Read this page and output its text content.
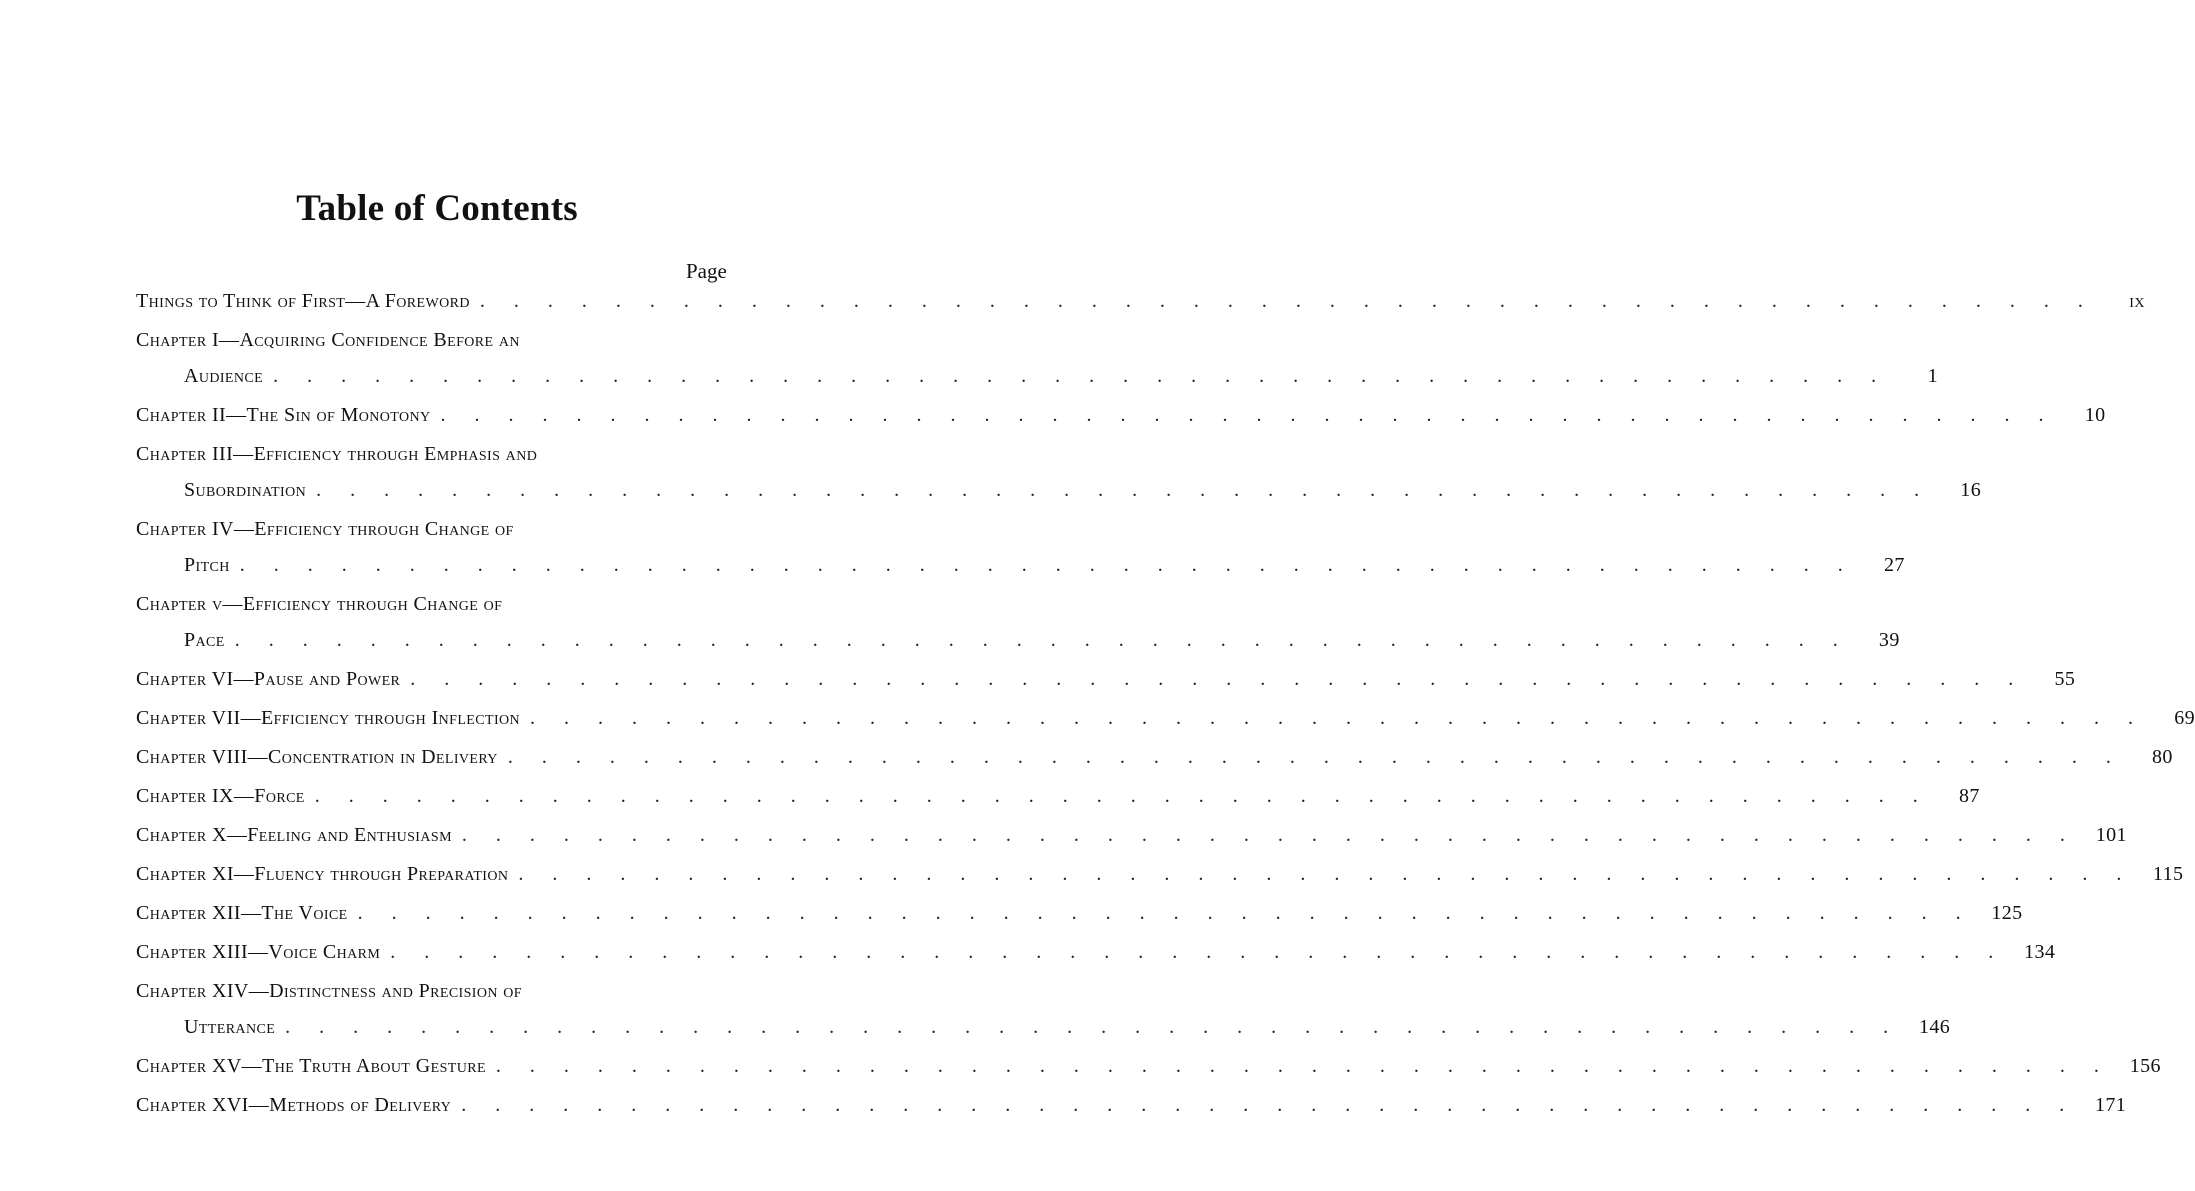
Table of Contents
Page
Things to Think of First—A Foreword . . .	ix
Chapter I—Acquiring Confidence Before an
Audience . . .	1
Chapter II—The Sin of Monotony . . .	10
Chapter III—Efficiency through Emphasis and
Subordination . . .	16
Chapter IV—Efficiency through Change of
Pitch . . .	27
Chapter v—Efficiency through Change of
Pace . . .	39
Chapter VI—Pause and Power . . .	55
Chapter VII—Efficiency through Inflection . . .	69
Chapter VIII—Concentration in Delivery . . .	80
Chapter IX—Force . . .	87
Chapter X—Feeling and Enthusiasm . . .	101
Chapter XI—Fluency through Preparation . . .	115
Chapter XII—The Voice . . .	125
Chapter XIII—Voice Charm . . .	134
Chapter XIV—Distinctness and Precision of
Utterance . . .	146
Chapter XV—The Truth About Gesture . . .	156
Chapter XVI—Methods of Delivery . . .	171
